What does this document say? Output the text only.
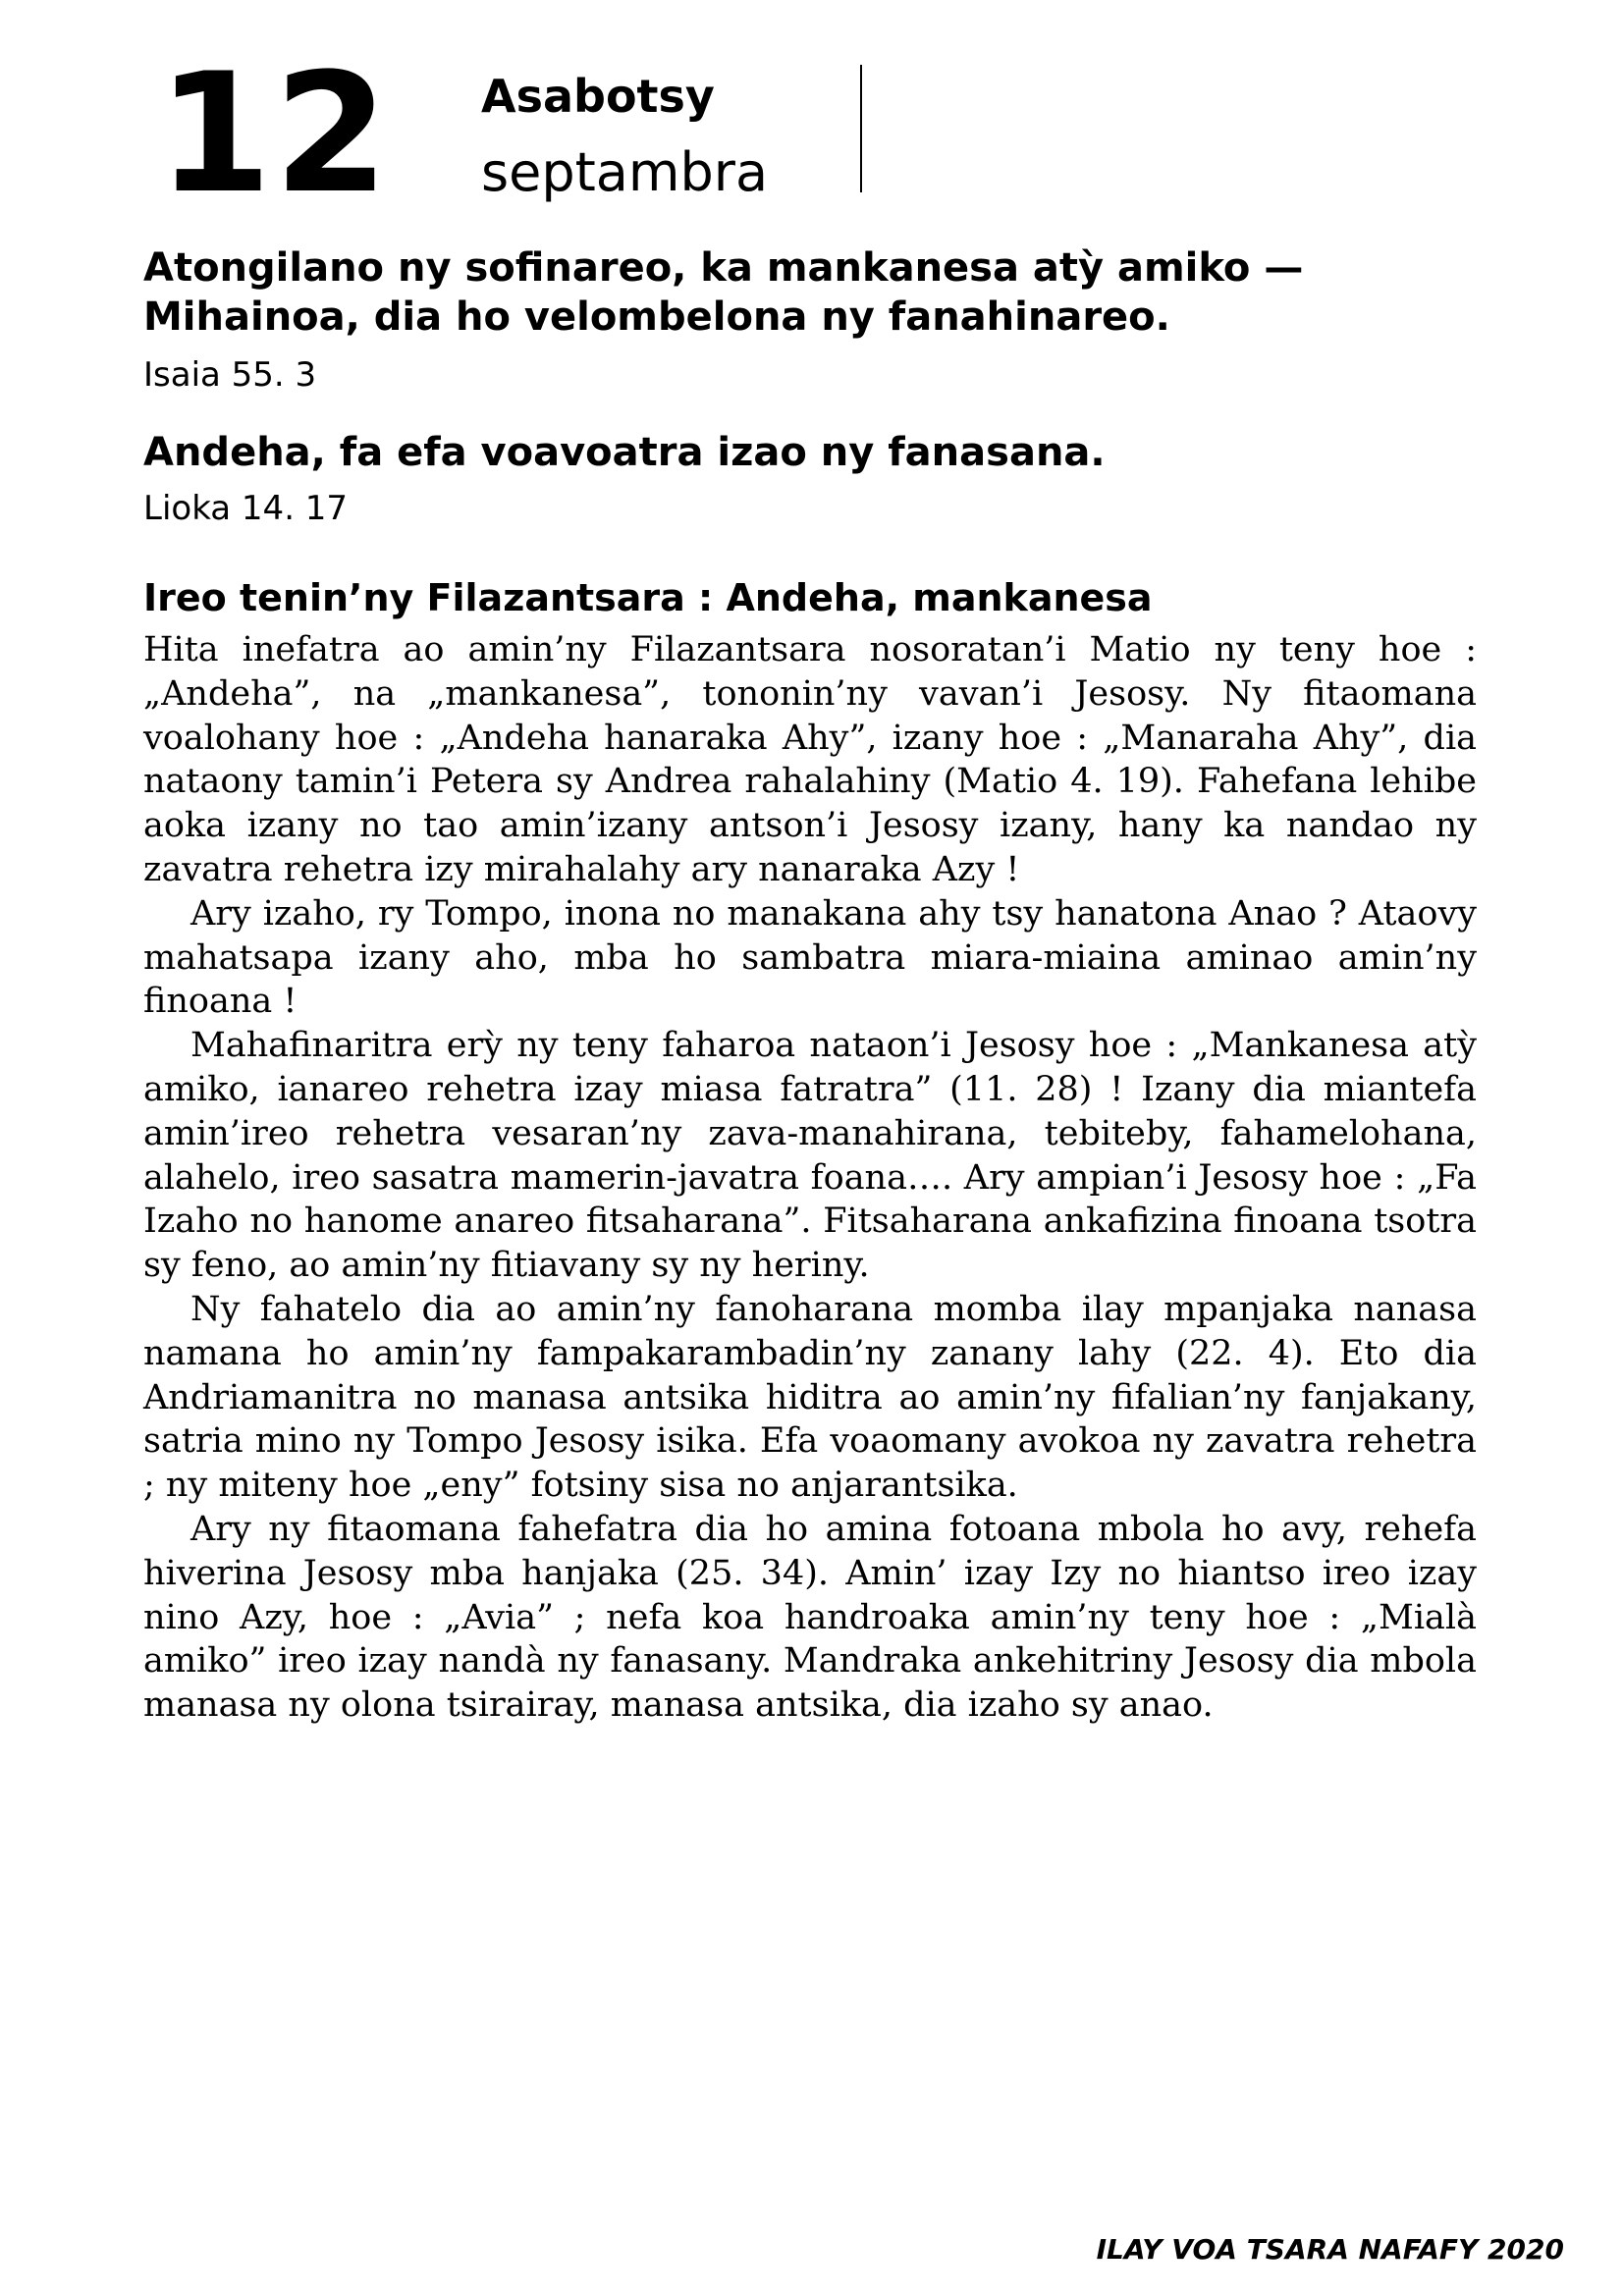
12 Asabotsy
septambra
Atongilano ny sofinareo, ka mankanesa atỳ amiko — Mihainoa, dia ho velombelona ny fanahinareo.
Isaia 55. 3
Andeha, fa efa voavoatra izao ny fanasana.
Lioka 14. 17
Ireo tenin’ny Filazantsara : Andeha, mankanesa

Hita inefatra ao amin’ny Filazantsara nosoratan’i Matio ny teny hoe : „Andeha”, na „mankanesa”, tononin’ny vavan’i Jesosy. Ny fitaomana voalohany hoe : „Andeha hanaraka Ahy”, izany hoe : „Manaraha Ahy”, dia nataony tamin’i Petera sy Andrea rahalahiny (Matio 4. 19). Fahefana lehibe aoka izany no tao amin’izany antson’i Jesosy izany, hany ka nandao ny zavatra rehetra izy mirahalahy ary nanaraka Azy !

Ary izaho, ry Tompo, inona no manakana ahy tsy hanatona Anao ? Ataovy mahatsapa izany aho, mba ho sambatra miara-miaina aminao amin’ny finoana !

Mahafinaritra erỳ ny teny faharoa nataon’i Jesosy hoe : „Mankanesa atỳ amiko, ianareo rehetra izay miasa fatratra” (11. 28) ! Izany dia miantefa amin’ireo rehetra vesaran’ny zava-manahirana, tebiteby, fahamelohana, alahelo, ireo sasatra mamerin-javatra foana…. Ary ampian’i Jesosy hoe : „Fa Izaho no hanome anareo fitsaharana”. Fitsaharana ankafizina finoana tsotra sy feno, ao amin’ny fitiavany sy ny heriny.

Ny fahatelo dia ao amin’ny fanoharana momba ilay mpanjaka nanasa namana ho amin’ny fampakarambadin’ny zanany lahy (22. 4). Eto dia Andriamanitra no manasa antsika hiditra ao amin’ny fifalian’ny fanjakany, satria mino ny Tompo Jesosy isika. Efa voaomany avokoa ny zavatra rehetra ; ny miteny hoe „eny” fotsiny sisa no anjarantsika.

Ary ny fitaomana fahefatra dia ho amina fotoana mbola ho avy, rehefa hiverina Jesosy mba hanjaka (25. 34). Amin’ izay Izy no hiantso ireo izay nino Azy, hoe : „Avia” ; nefa koa handroaka amin’ny teny hoe : „Mialà amiko” ireo izay nandà ny fanasany. Mandraka ankehitriny Jesosy dia mbola manasa ny olona tsirairay, manasa antsika, dia izaho sy anao.

ILAY VOA TSARA NAFAFY 2020
